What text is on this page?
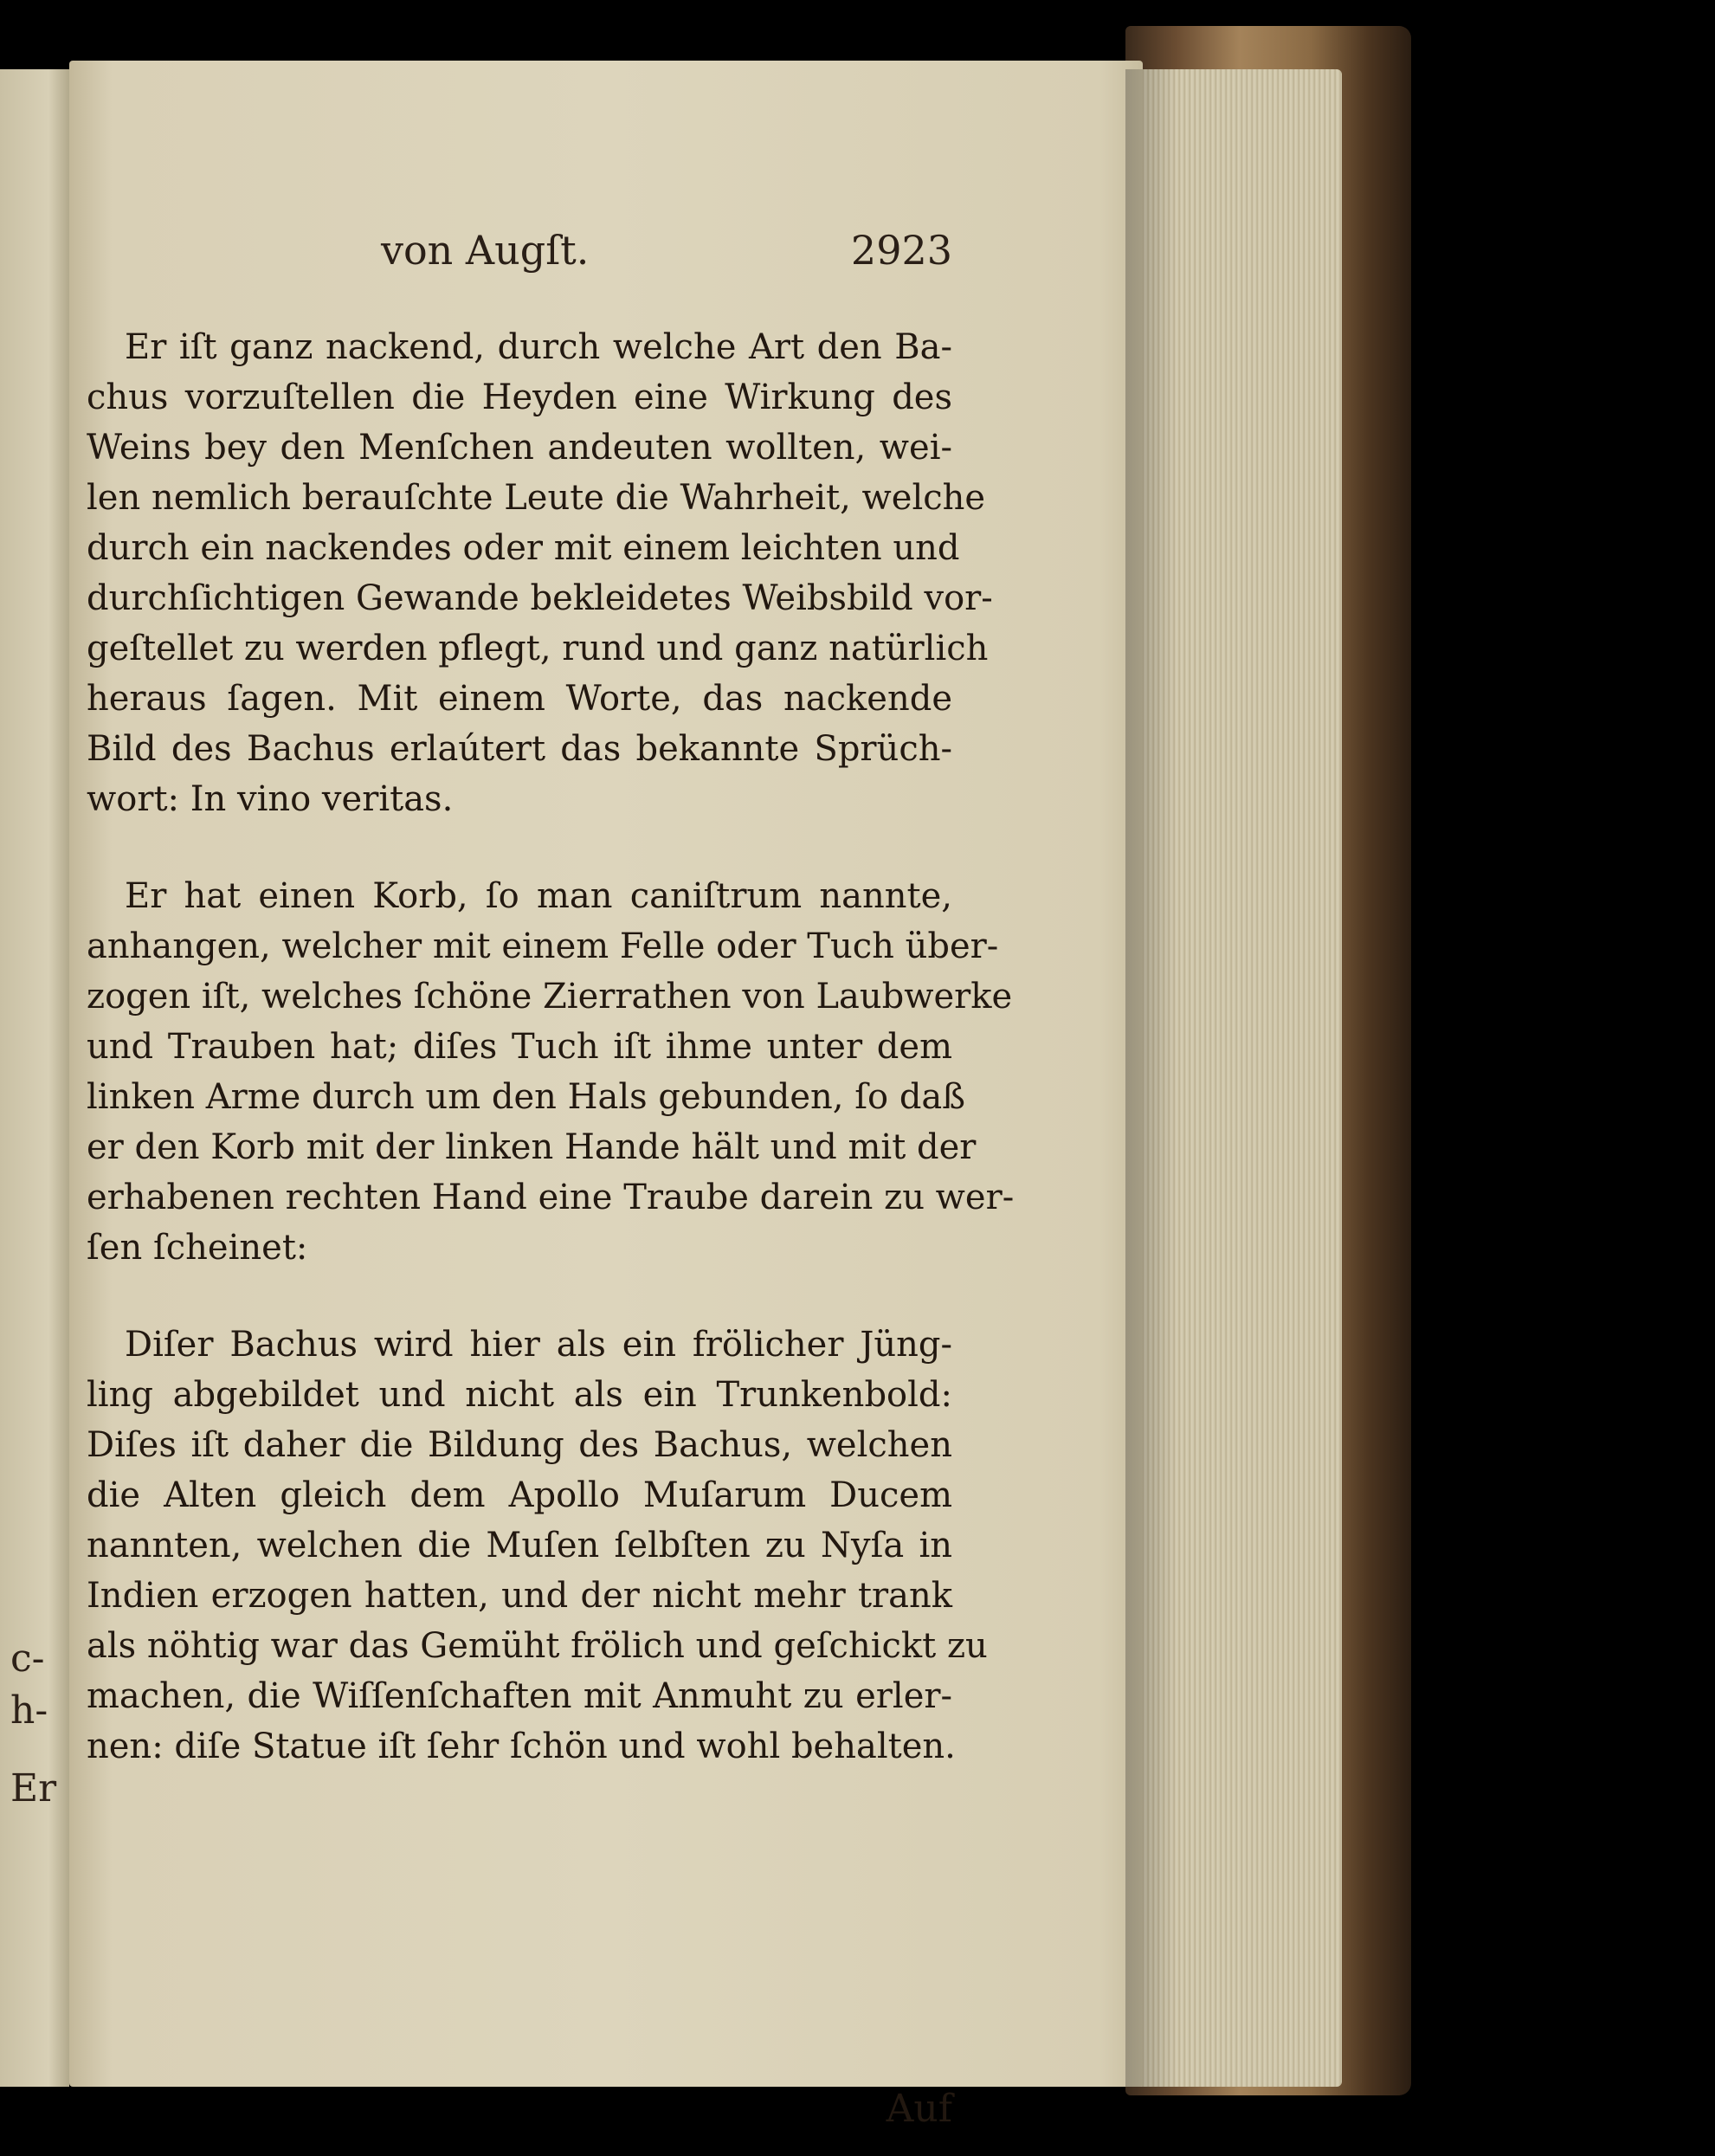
c-
h-
Er
von Augſt.	2923
Er iſt ganz nackend, durch welche Art den Ba-
chus vorzuſtellen die Heyden eine Wirkung des
Weins bey den Menſchen andeuten wollten, wei-
len nemlich berauſchte Leute die Wahrheit, welche
durch ein nackendes oder mit einem leichten und
durchſichtigen Gewande bekleidetes Weibsbild vor-
geſtellet zu werden pflegt, rund und ganz natürlich
heraus ſagen. Mit einem Worte, das nackende
Bild des Bachus erlaútert das bekannte Sprüch-
wort: In vino veritas.
Er hat einen Korb, ſo man caniſtrum nannte,
anhangen, welcher mit einem Felle oder Tuch über-
zogen iſt, welches ſchöne Zierrathen von Laubwerke
und Trauben hat; diſes Tuch iſt ihme unter dem
linken Arme durch um den Hals gebunden, ſo daß
er den Korb mit der linken Hande hält und mit der
erhabenen rechten Hand eine Traube darein zu wer-
ſen ſcheinet:
Diſer Bachus wird hier als ein frölicher Jüng-
ling abgebildet und nicht als ein Trunkenbold:
Diſes iſt daher die Bildung des Bachus, welchen
die Alten gleich dem Apollo Muſarum Ducem
nannten, welchen die Muſen ſelbſten zu Nyſa in
Indien erzogen hatten, und der nicht mehr trank
als nöhtig war das Gemüht frölich und geſchickt zu
machen, die Wiſſenſchaften mit Anmuht zu erler-
nen: diſe Statue iſt ſehr ſchön und wohl behalten.
Auf
